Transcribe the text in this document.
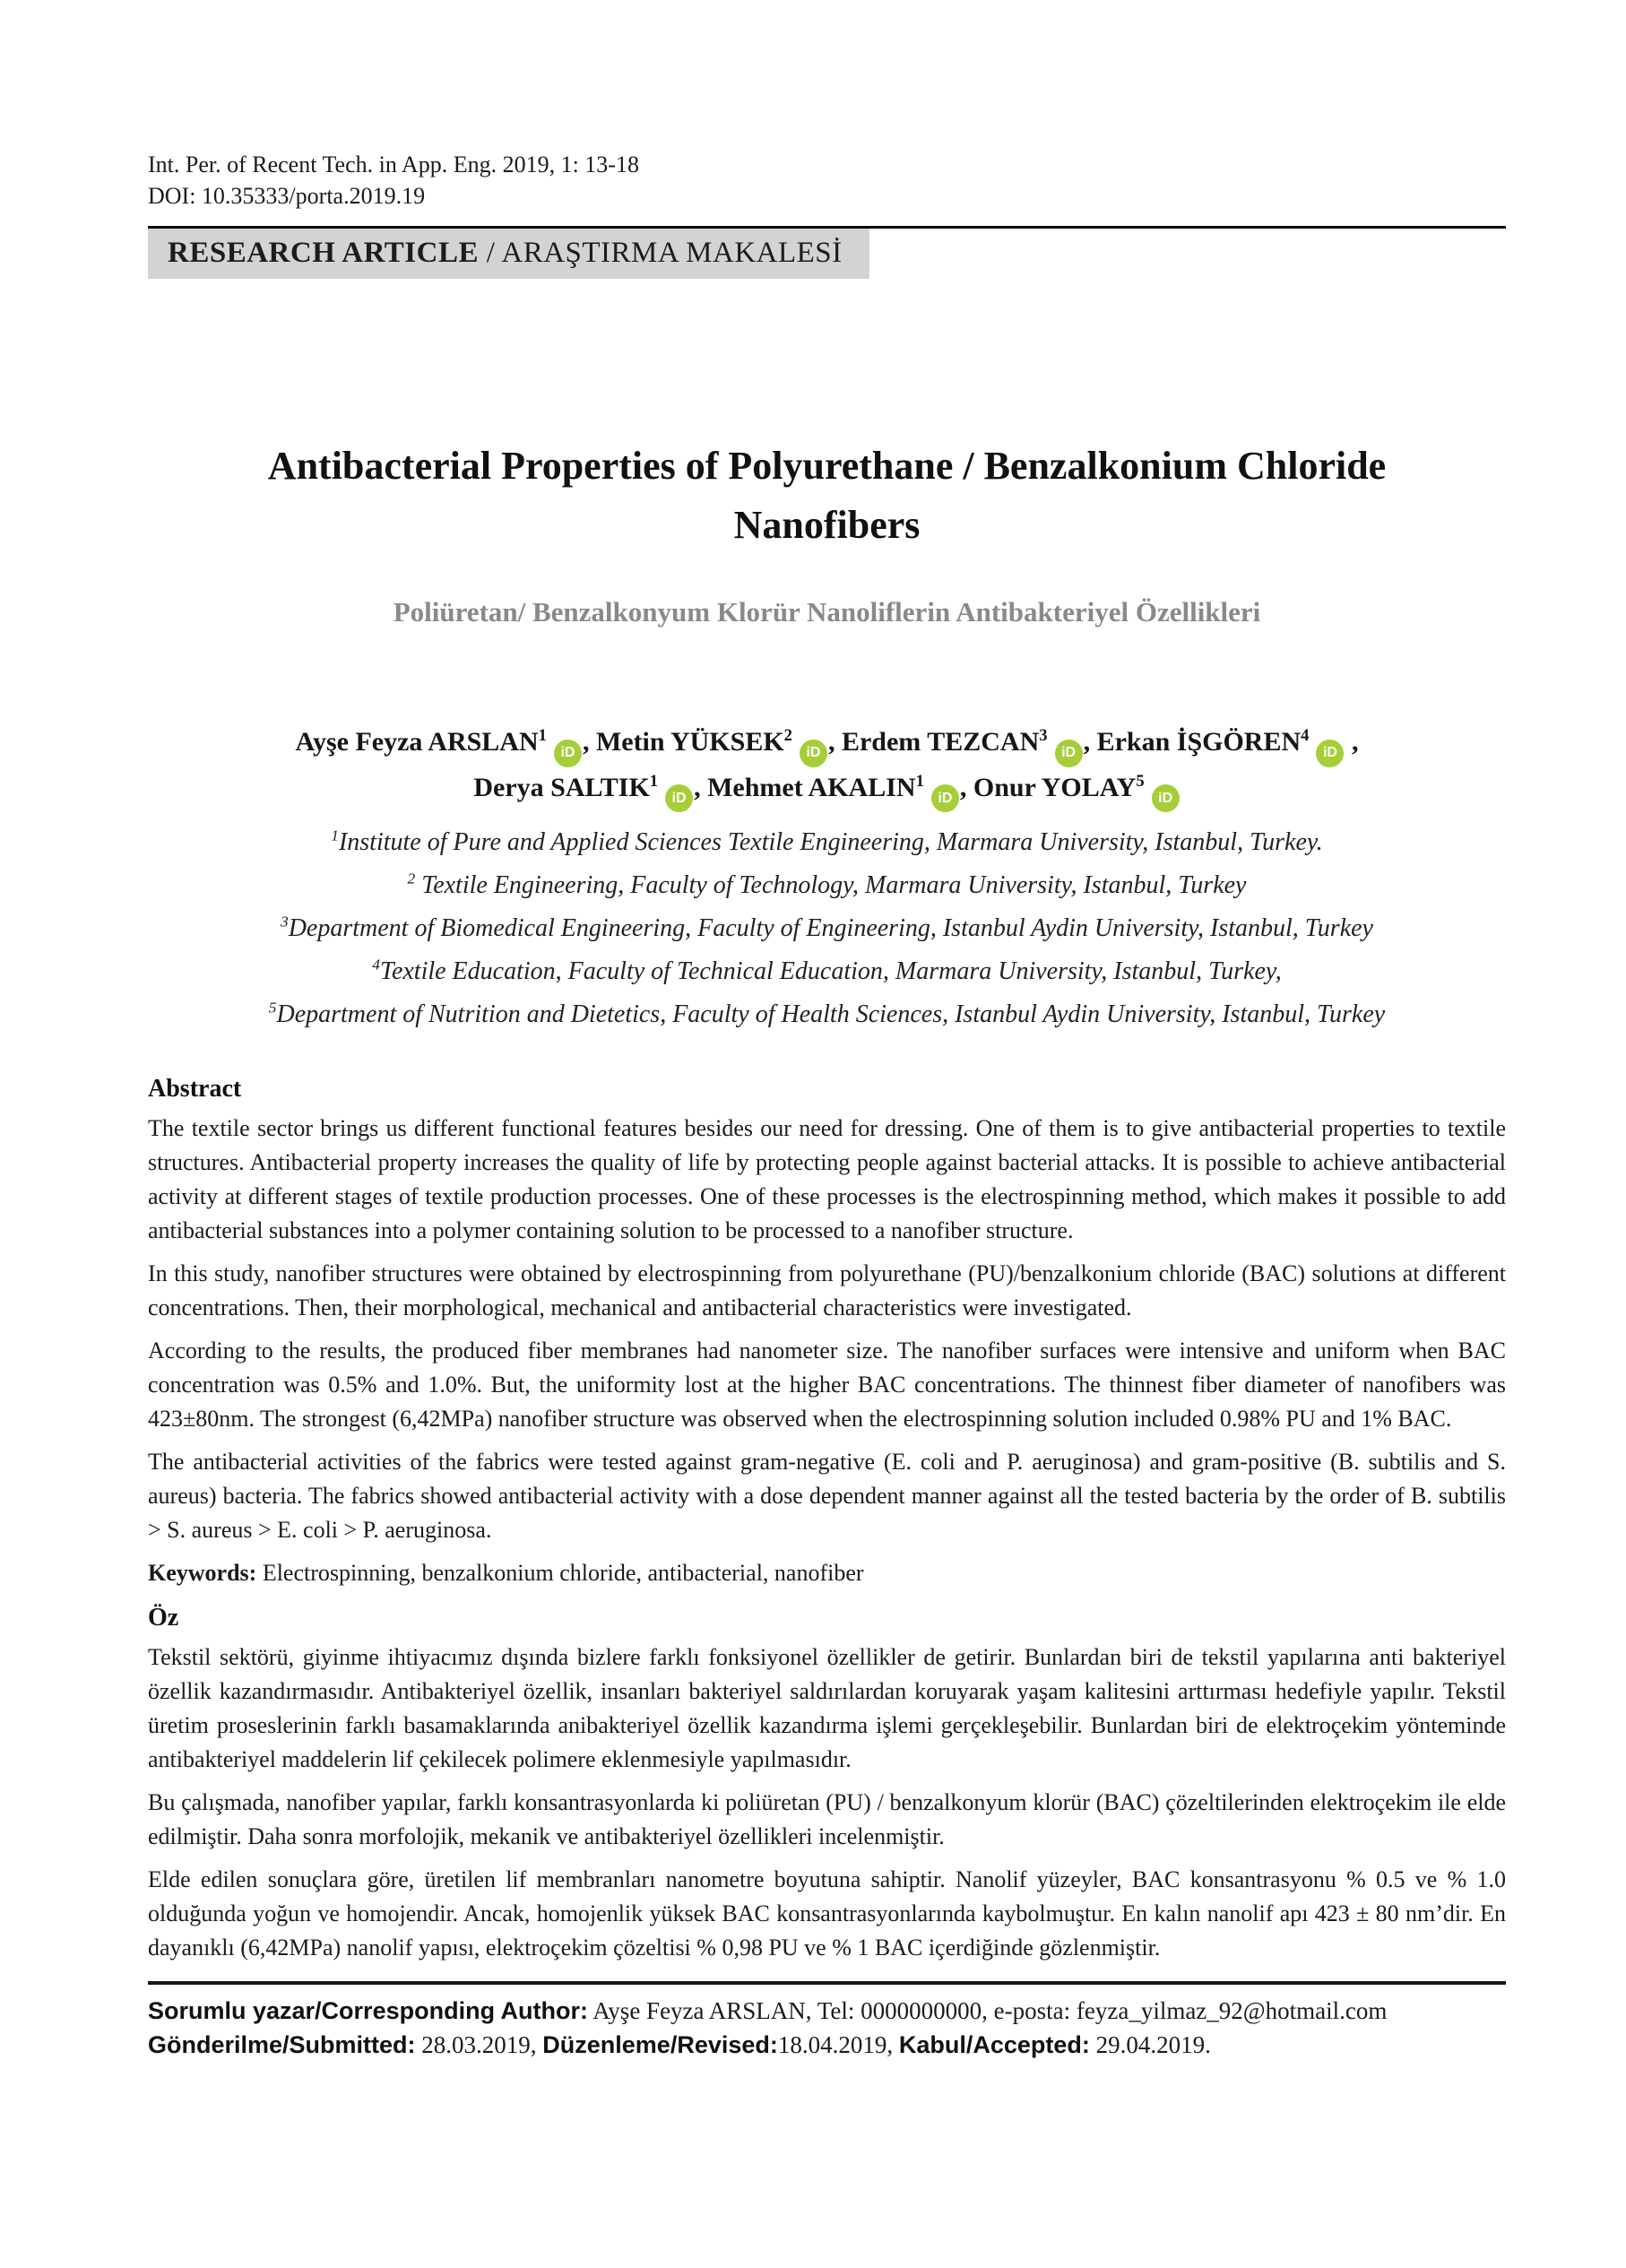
Int. Per. of Recent Tech. in App. Eng. 2019, 1: 13-18
DOI: 10.35333/porta.2019.19
RESEARCH ARTICLE / ARAŞTIRMA MAKALESİ
Antibacterial Properties of Polyurethane / Benzalkonium Chloride Nanofibers
Poliüretan/ Benzalkonyum Klorür Nanoliflerin Antibakteriyel Özellikleri
Ayşe Feyza ARSLAN$^1$iD , Metin YÜKSEK$^2$iD , Erdem TEZCAN$^3$iD , Erkan İŞGÖREN$^4$iD ,
Derya SALTIK$^1$iD , Mehmet AKALIN$^1$iD , Onur YOLAY$^5$iD
$^1$Institute of Pure and Applied Sciences Textile Engineering, Marmara University, Istanbul, Turkey.
$^2$ Textile Engineering, Faculty of Technology, Marmara University, Istanbul, Turkey
$^3$Department of Biomedical Engineering, Faculty of Engineering, Istanbul Aydin University, Istanbul, Turkey
$^4$Textile Education, Faculty of Technical Education, Marmara University, Istanbul, Turkey,
$^5$Department of Nutrition and Dietetics, Faculty of Health Sciences, Istanbul Aydin University, Istanbul, Turkey
Abstract

The textile sector brings us different functional features besides our need for dressing. One of them is to give antibacterial properties to textile structures. Antibacterial property increases the quality of life by protecting people against bacterial attacks. It is possible to achieve antibacterial activity at different stages of textile production processes. One of these processes is the electrospinning method, which makes it possible to add antibacterial substances into a polymer containing solution to be processed to a nanofiber structure.

In this study, nanofiber structures were obtained by electrospinning from polyurethane (PU)/benzalkonium chloride (BAC) solutions at different concentrations. Then, their morphological, mechanical and antibacterial characteristics were investigated.

According to the results, the produced fiber membranes had nanometer size. The nanofiber surfaces were intensive and uniform when BAC concentration was 0.5% and 1.0%. But, the uniformity lost at the higher BAC concentrations. The thinnest fiber diameter of nanofibers was 423±80nm. The strongest (6,42MPa) nanofiber structure was observed when the electrospinning solution included 0.98% PU and 1% BAC.

The antibacterial activities of the fabrics were tested against gram-negative (E. coli and P. aeruginosa) and gram-positive (B. subtilis and S. aureus) bacteria. The fabrics showed antibacterial activity with a dose dependent manner against all the tested bacteria by the order of B. subtilis > S. aureus > E. coli > P. aeruginosa.

Keywords: Electrospinning, benzalkonium chloride, antibacterial, nanofiber

Öz

Tekstil sektörü, giyinme ihtiyacımız dışında bizlere farklı fonksiyonel özellikler de getirir. Bunlardan biri de tekstil yapılarına anti bakteriyel özellik kazandırmasıdır. Antibakteriyel özellik, insanları bakteriyel saldırılardan koruyarak yaşam kalitesini arttırması hedefiyle yapılır. Tekstil üretim proseslerinin farklı basamaklarında anibakteriyel özellik kazandırma işlemi gerçekleşebilir. Bunlardan biri de elektroçekim yönteminde antibakteriyel maddelerin lif çekilecek polimere eklenmesiyle yapılmasıdır.

Bu çalışmada, nanofiber yapılar, farklı konsantrasyonlarda ki poliüretan (PU) / benzalkonyum klorür (BAC) çözeltilerinden elektroçekim ile elde edilmiştir. Daha sonra morfolojik, mekanik ve antibakteriyel özellikleri incelenmiştir.

Elde edilen sonuçlara göre, üretilen lif membranları nanometre boyutuna sahiptir. Nanolif yüzeyler, BAC konsantrasyonu % 0.5 ve % 1.0 olduğunda yoğun ve homojendir. Ancak, homojenlik yüksek BAC konsantrasyonlarında kaybolmuştur. En kalın nanolif apı 423 ± 80 nm’dir. En dayanıklı (6,42MPa) nanolif yapısı, elektroçekim çözeltisi % 0,98 PU ve % 1 BAC içerdiğinde gözlenmiştir.

Sorumlu yazar/Corresponding Author: Ayşe Feyza ARSLAN, Tel: 0000000000, e-posta: feyza_yilmaz_92@hotmail.com
Gönderilme/Submitted: 28.03.2019, Düzenleme/Revised:18.04.2019, Kabul/Accepted: 29.04.2019.
